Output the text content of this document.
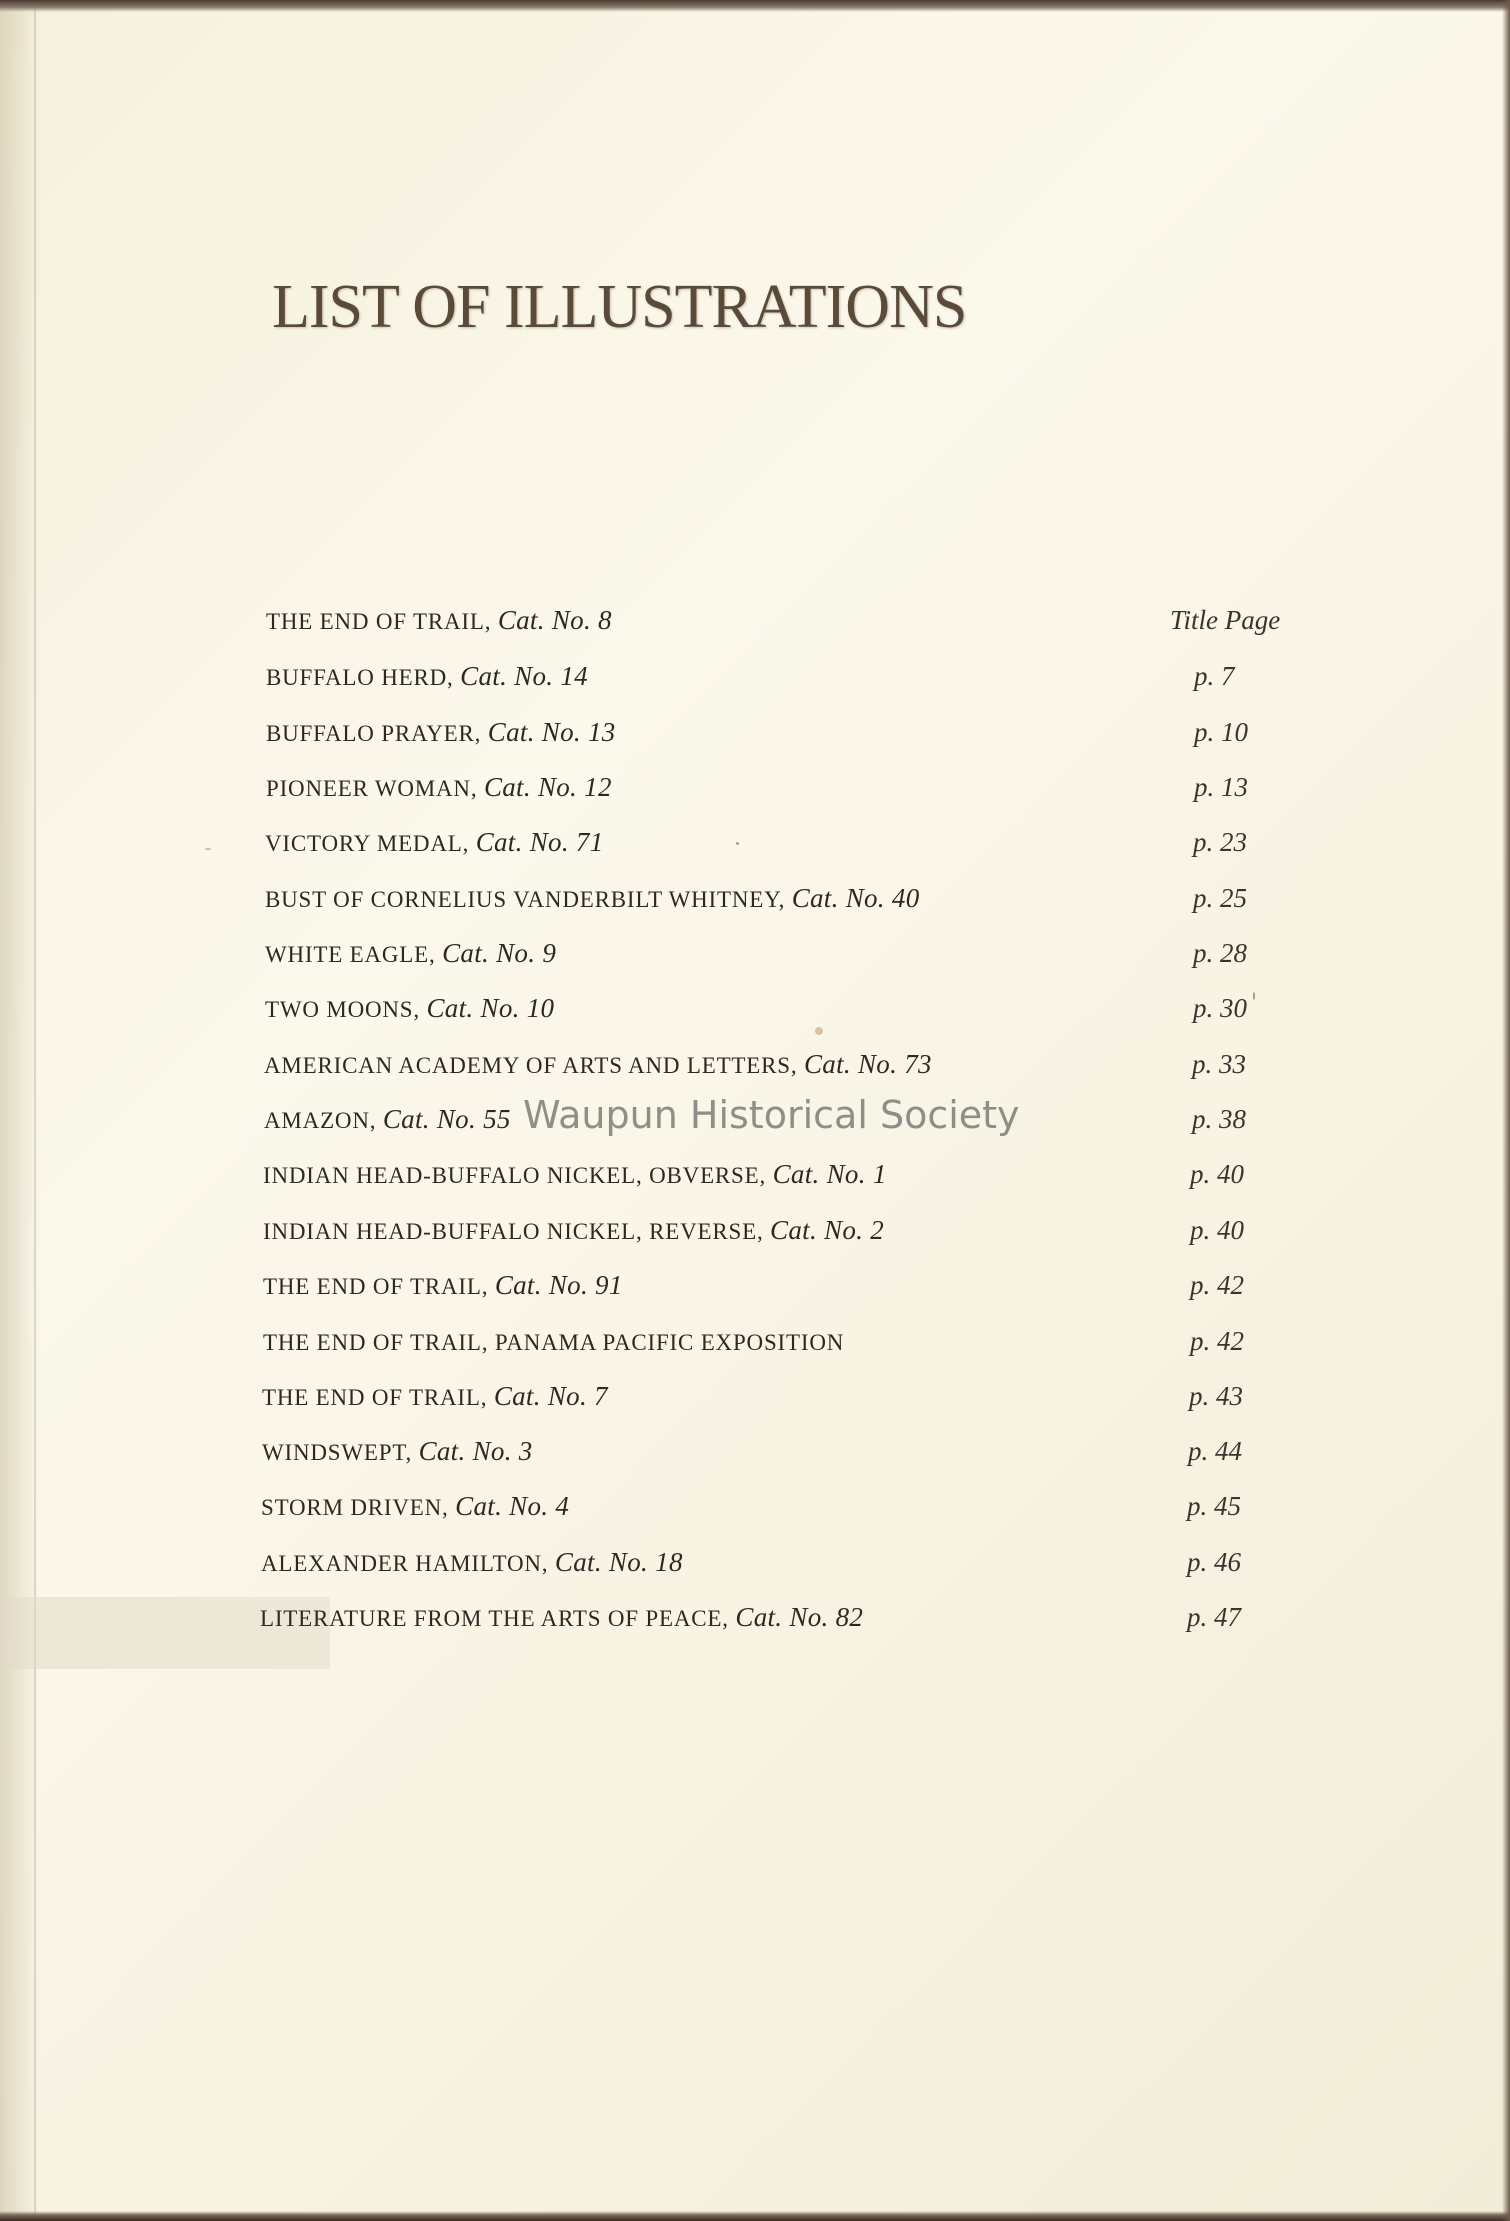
LIST OF ILLUSTRATIONS
THE END OF TRAIL, Cat. No. 8	Title Page
BUFFALO HERD, Cat. No. 14	p. 7
BUFFALO PRAYER, Cat. No. 13	p. 10
PIONEER WOMAN, Cat. No. 12	p. 13
VICTORY MEDAL, Cat. No. 71	p. 23
BUST OF CORNELIUS VANDERBILT WHITNEY, Cat. No. 40	p. 25
WHITE EAGLE, Cat. No. 9	p. 28
TWO MOONS, Cat. No. 10	p. 30
AMERICAN ACADEMY OF ARTS AND LETTERS, Cat. No. 73	p. 33
AMAZON, Cat. No. 55	p. 38
INDIAN HEAD-BUFFALO NICKEL, OBVERSE, Cat. No. 1	p. 40
INDIAN HEAD-BUFFALO NICKEL, REVERSE, Cat. No. 2	p. 40
THE END OF TRAIL, Cat. No. 91	p. 42
THE END OF TRAIL, PANAMA PACIFIC EXPOSITION	p. 42
THE END OF TRAIL, Cat. No. 7	p. 43
WINDSWEPT, Cat. No. 3	p. 44
STORM DRIVEN, Cat. No. 4	p. 45
ALEXANDER HAMILTON, Cat. No. 18	p. 46
LITERATURE FROM THE ARTS OF PEACE, Cat. No. 82	p. 47
Waupun Historical Society
